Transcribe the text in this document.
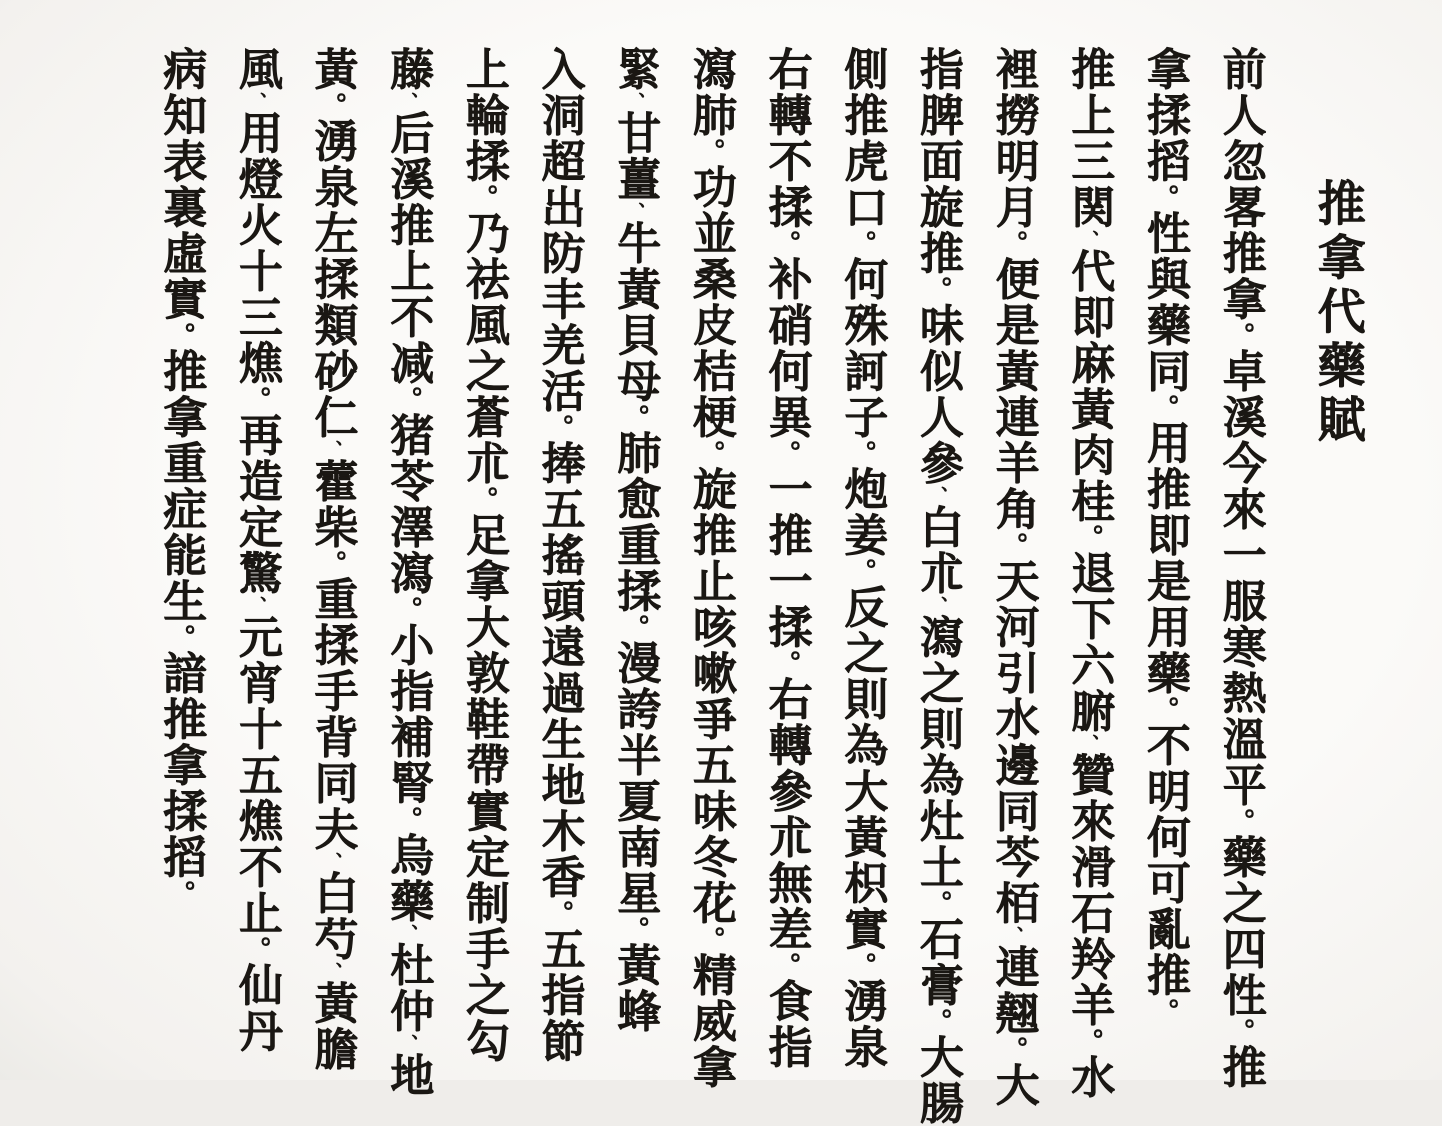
推拿代藥賦
前人忽畧推拿。卓溪今來一服寒熱溫平。藥之四性。推
拿揉搯。性與藥同。用推即是用藥。不明何可亂推。
推上三関、代即麻黃肉桂。退下六腑、贊來滑石羚羊。水
裡撈明月。便是黃連羊角。天河引水邊同芩栢、連翹。大
指脾面旋推。味似人參、白朮、瀉之則為灶土。石膏。大腸
側推虎口。何殊訶子。炮姜。反之則為大黃枳實。湧泉
右轉不揉。补硝何異。一推一揉。右轉參朮無差。食指
瀉肺。功並桑皮桔梗。旋推止咳嗽爭五味冬花。精威拿
緊、甘薑、牛黃貝母。肺愈重揉。漫誇半夏南星。黃蜂
入洞超出防丰羌活。捧五搖頭遠過生地木香。五指節
上輪揉。乃祛風之蒼朮。足拿大敦鞋帶實定制手之勾
藤、后溪推上不减。猪苓澤瀉。小指補腎。烏藥、杜仲、地
黃。湧泉左揉類砂仁、藿柴。重揉手背同夫、白芍、黃膽
風、用燈火十三燋。再造定驚、元宵十五燋不止。仙丹
病知表裏虛實。推拿重症能生。諳推拿揉搯。
